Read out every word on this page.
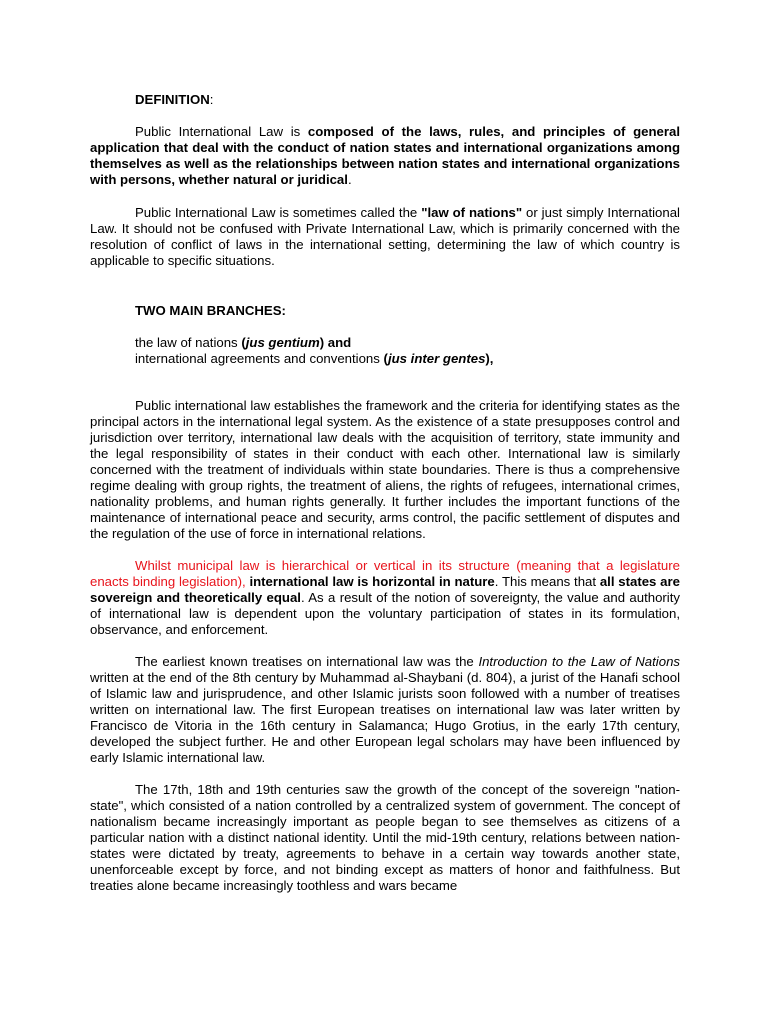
DEFINITION:

Public International Law is composed of the laws, rules, and principles of general application that deal with the conduct of nation states and international organizations among themselves as well as the relationships between nation states and international organizations with persons, whether natural or juridical.

Public International Law is sometimes called the "law of nations" or just simply International Law. It should not be confused with Private International Law, which is primarily concerned with the resolution of conflict of laws in the international setting, determining the law of which country is applicable to specific situations.

TWO MAIN BRANCHES:
the law of nations (jus gentium) and
international agreements and conventions (jus inter gentes),

Public international law establishes the framework and the criteria for identifying states as the principal actors in the international legal system. As the existence of a state presupposes control and jurisdiction over territory, international law deals with the acquisition of territory, state immunity and the legal responsibility of states in their conduct with each other. International law is similarly concerned with the treatment of individuals within state boundaries. There is thus a comprehensive regime dealing with group rights, the treatment of aliens, the rights of refugees, international crimes, nationality problems, and human rights generally. It further includes the important functions of the maintenance of international peace and security, arms control, the pacific settlement of disputes and the regulation of the use of force in international relations.

Whilst municipal law is hierarchical or vertical in its structure (meaning that a legislature enacts binding legislation), international law is horizontal in nature. This means that all states are sovereign and theoretically equal. As a result of the notion of sovereignty, the value and authority of international law is dependent upon the voluntary participation of states in its formulation, observance, and enforcement.

The earliest known treatises on international law was the Introduction to the Law of Nations written at the end of the 8th century by Muhammad al-Shaybani (d. 804), a jurist of the Hanafi school of Islamic law and jurisprudence, and other Islamic jurists soon followed with a number of treatises written on international law. The first European treatises on international law was later written by Francisco de Vitoria in the 16th century in Salamanca; Hugo Grotius, in the early 17th century, developed the subject further. He and other European legal scholars may have been influenced by early Islamic international law.

The 17th, 18th and 19th centuries saw the growth of the concept of the sovereign "nation-state", which consisted of a nation controlled by a centralized system of government. The concept of nationalism became increasingly important as people began to see themselves as citizens of a particular nation with a distinct national identity. Until the mid-19th century, relations between nation-states were dictated by treaty, agreements to behave in a certain way towards another state, unenforceable except by force, and not binding except as matters of honor and faithfulness. But treaties alone became increasingly toothless and wars became
